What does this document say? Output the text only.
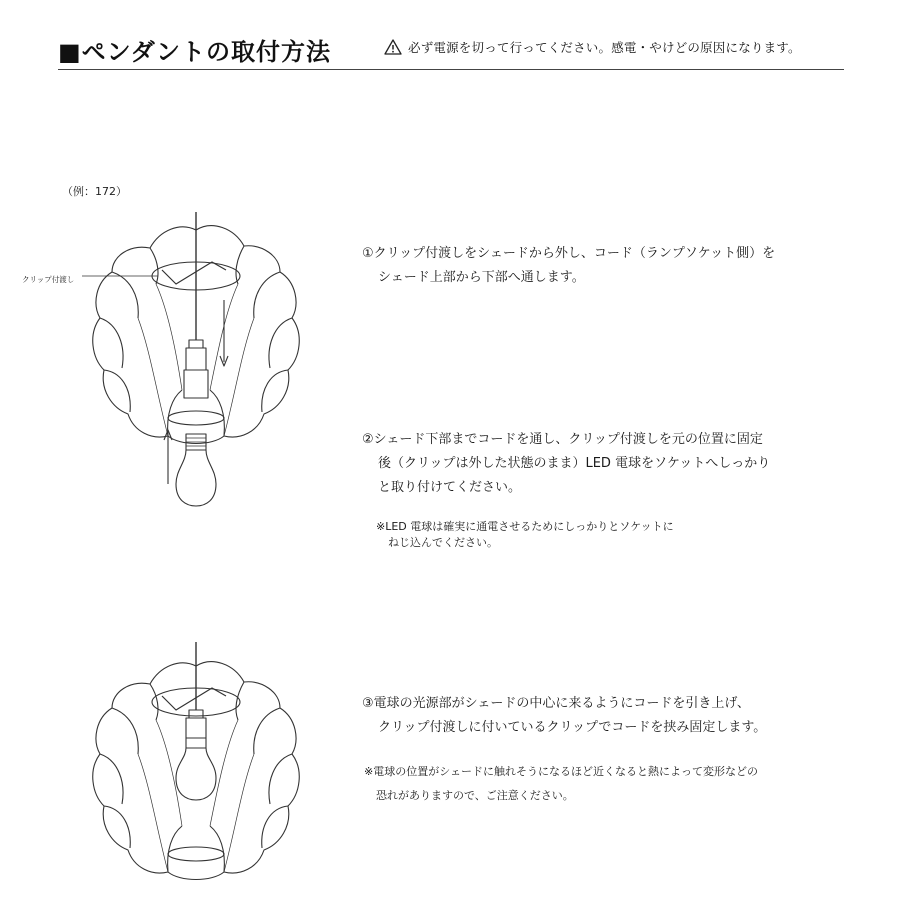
■ペンダントの取付方法	必ず電源を切って行ってください。感電・やけどの原因になります。
（例：172）
クリップ付渡し
①クリップ付渡しをシェードから外し、コード（ランプソケット側）を
シェード上部から下部へ通します。
②シェード下部までコードを通し、クリップ付渡しを元の位置に固定
後（クリップは外した状態のまま）LED 電球をソケットへしっかり
と取り付けてください。
※LED 電球は確実に通電させるためにしっかりとソケットに
ねじ込んでください。
③電球の光源部がシェードの中心に来るようにコードを引き上げ、
クリップ付渡しに付いているクリップでコードを挟み固定します。
※電球の位置がシェードに触れそうになるほど近くなると熱によって変形などの
恐れがありますので、ご注意ください。
